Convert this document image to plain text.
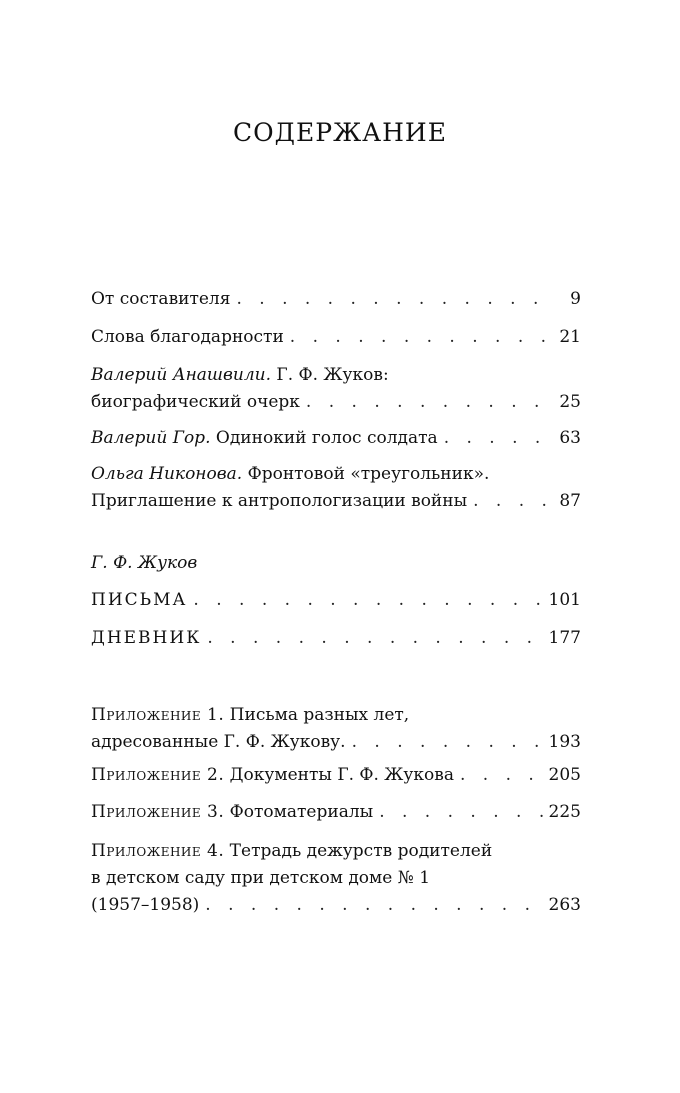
СОДЕРЖАНИЕ
От составителя . . .	9
Слова благодарности . . .	21
Валерий Анашвили. Г. Ф. Жуков:
биографический очерк . . .	25
Валерий Гор. Одинокий голос солдата . . .	63
Ольга Никонова. Фронтовой «треугольник».
Приглашение к антропологизации войны . . .	87
Г. Ф. Жуков
ПИСЬМА . . .	101
ДНЕВНИК . . .	177
Приложение 1. Письма разных лет,
адресованные Г. Ф. Жукову. . . .	193
Приложение 2. Документы Г. Ф. Жукова . . .	205
Приложение 3. Фотоматериалы . . .	225
Приложение 4. Тетрадь дежурств родителей
в детском саду при детском доме № 1
(1957–1958) . . .	263
